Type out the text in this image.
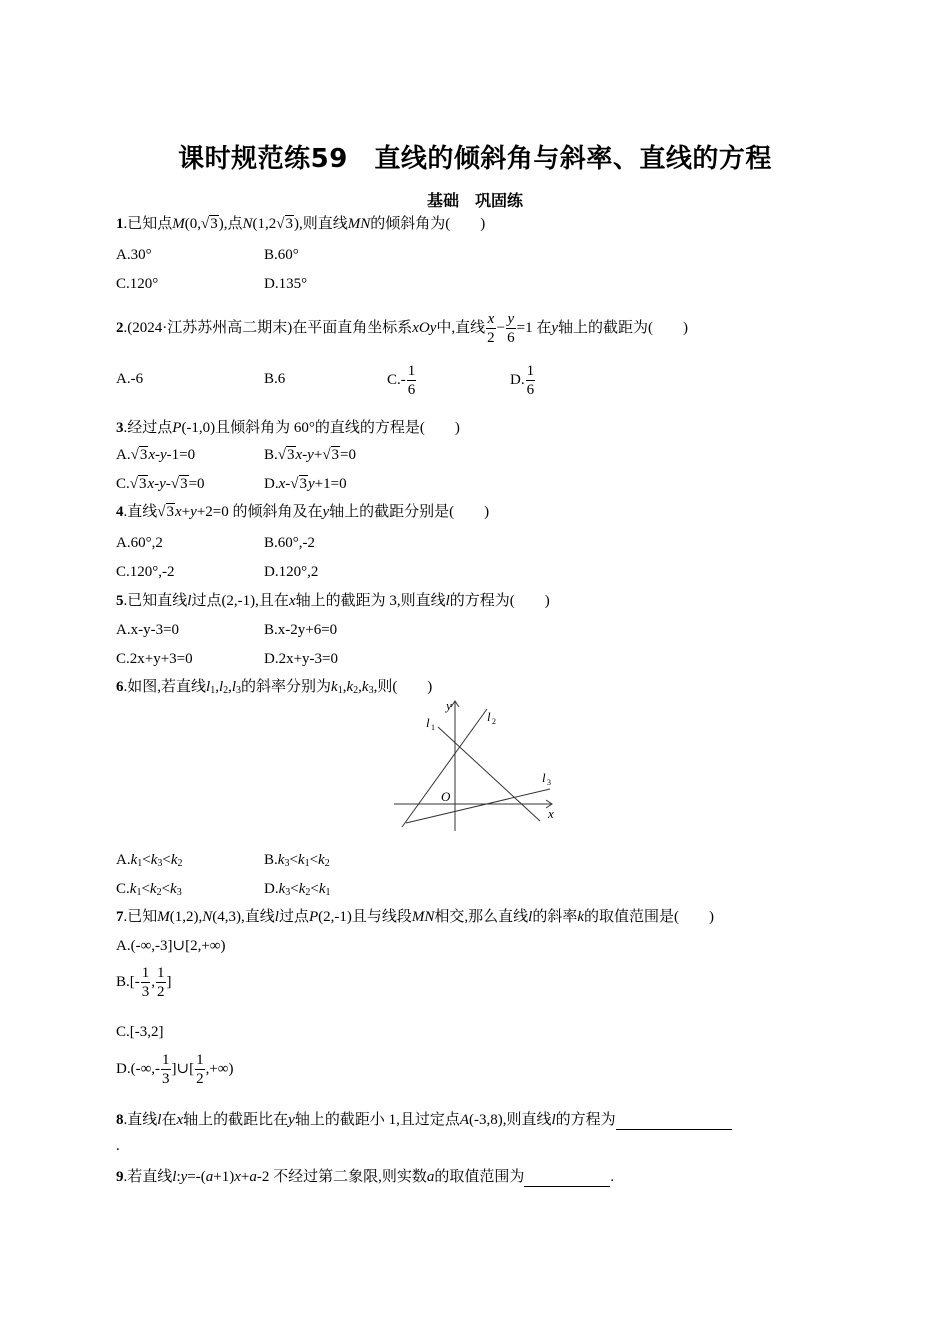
课时规范练59　直线的倾斜角与斜率、直线的方程
基础　巩固练
1.已知点M(0,√3),点N(1,2√3),则直线MN的倾斜角为(　　)
A.30°	B.60°
C.120°	D.135°
2.(2024·江苏苏州高二期末)在平面直角坐标系xOy中,直线 $\frac{x}{2} - \frac{y}{6} =1$ 在y轴上的截距为(　　)
A.-6	B.6	$C.- \frac{1}{6}$	D. $\frac{1}{6}$
3.经过点P(-1,0)且倾斜角为 60°的直线的方程是(　　)
A.√3x-y-1=0	B.√3x-y+√3=0
C.√3x-y-√3=0	D.x-√3y+1=0
4.直线√3x+y+2=0 的倾斜角及在y轴上的截距分别是(　　)
A.60°,2	B.60°,-2
C.120°,-2	D.120°,2
5.已知直线l过点(2,-1),且在x轴上的截距为 3,则直线l的方程为(　　)
A.x-y-3=0	B.x-2y+6=0
C.2x+y+3=0	D.2x+y-3=0
6.如图,若直线$l_1,l_2,l_3$的斜率分别为$k_1,k_2,k_3$,则(　　)
y
x
O
l 1
l 2
l 3
$A.k_1<k_3<k_2$	$B.k_3<k_1<k_2$
$C.k_1<k_2<k_3$	$D.k_3<k_2<k_1$
7.已知M(1,2),N(4,3),直线l过点P(2,-1)且与线段MN相交,那么直线l的斜率k的取值范围是(　　)
A.(-∞,-3]∪[2,+∞)
$B.[- \frac{1}{3}$ , $\frac{1}{2}$ ]
C.[-3,2]
$D.(-\infty,- \frac{1}{3}$ ]∪[ $\frac{1}{2}$ ,+∞)
8.直线l在x轴上的截距比在y轴上的截距小 1,且过定点A(-3,8),则直线l的方程为
.
9.若直线l:y=-(a+1)x+a-2 不经过第二象限,则实数a的取值范围为	.
